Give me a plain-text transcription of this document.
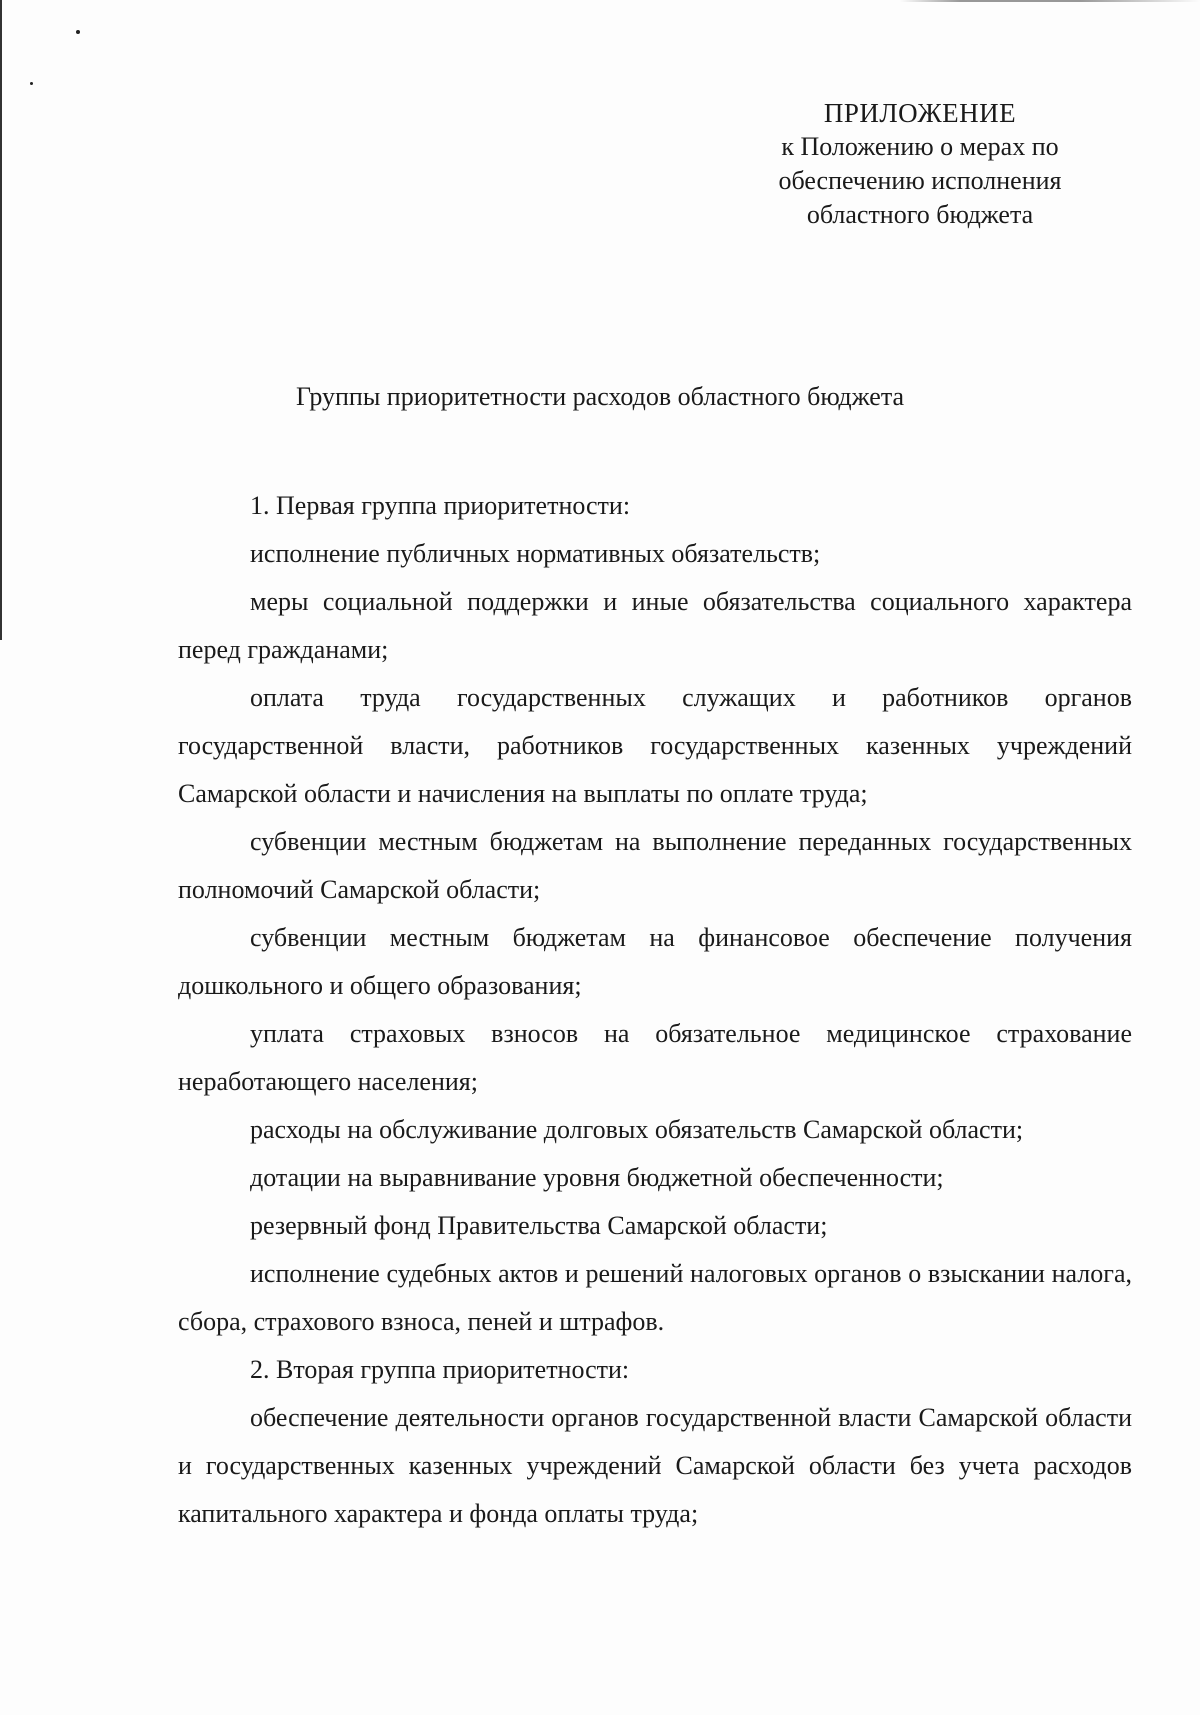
ПРИЛОЖЕНИЕ
к Положению о мерах по
обеспечению исполнения
областного бюджета
Группы приоритетности расходов областного бюджета

1. Первая группа приоритетности:

исполнение публичных нормативных обязательств;

меры социальной поддержки и иные обязательства социального характера перед гражданами;

оплата труда государственных служащих и работников органов государственной власти, работников государственных казенных учреждений Самарской области и начисления на выплаты по оплате труда;

субвенции местным бюджетам на выполнение переданных государственных полномочий Самарской области;

субвенции местным бюджетам на финансовое обеспечение получения дошкольного и общего образования;

уплата страховых взносов на обязательное медицинское страхование неработающего населения;

расходы на обслуживание долговых обязательств Самарской области;

дотации на выравнивание уровня бюджетной обеспеченности;

резервный фонд Правительства Самарской области;

исполнение судебных актов и решений налоговых органов о взыскании налога, сбора, страхового взноса, пеней и штрафов.

2. Вторая группа приоритетности:

обеспечение деятельности органов государственной власти Самарской области и государственных казенных учреждений Самарской области без учета расходов капитального характера и фонда оплаты труда;
